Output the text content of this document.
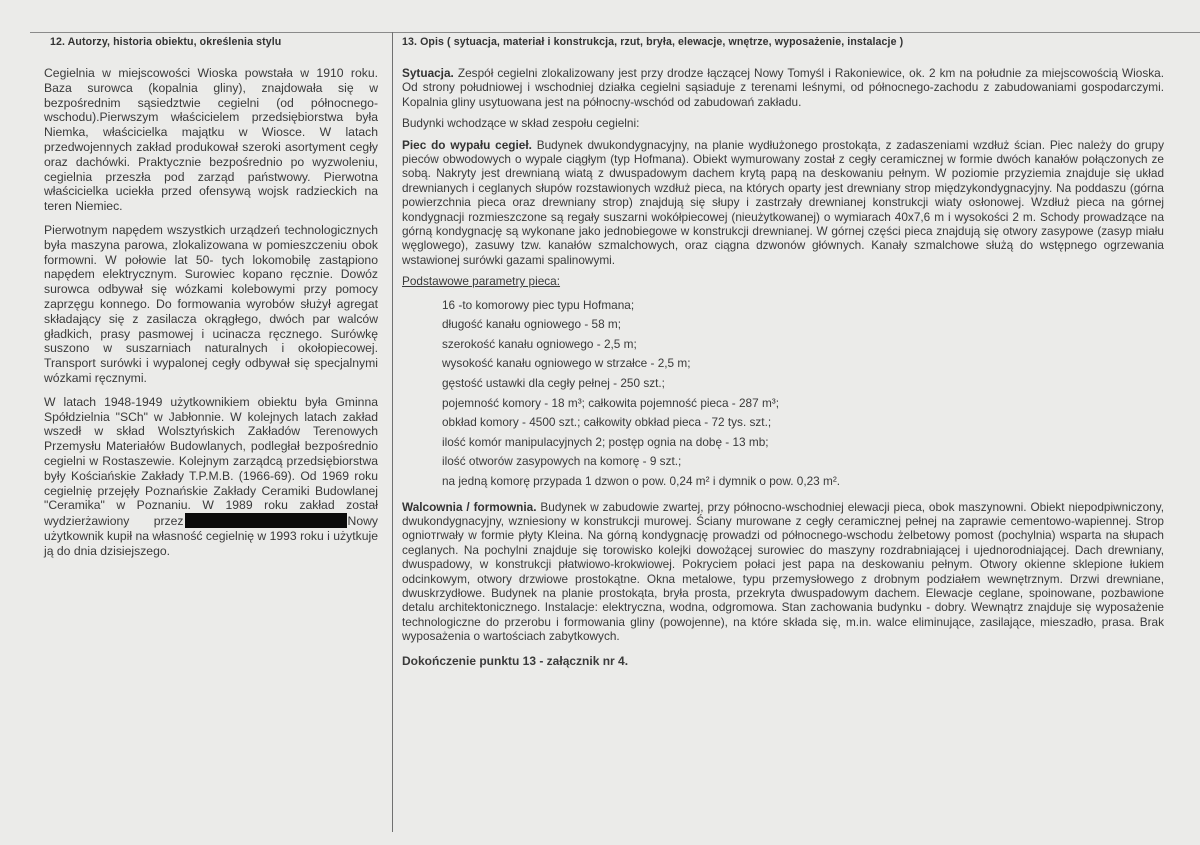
12. Autorzy, historia obiektu, określenia stylu

Cegielnia w miejscowości Wioska powstała w 1910 roku. Baza surowca (kopalnia gliny), znajdowała się w bezpośrednim sąsiedztwie cegielni (od północnego-wschodu).Pierwszym właścicielem przedsiębiorstwa była Niemka, właścicielka majątku w Wiosce. W latach przedwojennych zakład produkował szeroki asortyment cegły oraz dachówki. Praktycznie bezpośrednio po wyzwoleniu, cegielnia przeszła pod zarząd państwowy. Pierwotna właścicielka uciekła przed ofensywą wojsk radzieckich na teren Niemiec.

Pierwotnym napędem wszystkich urządzeń technologicznych była maszyna parowa, zlokalizowana w pomieszczeniu obok formowni. W połowie lat 50- tych lokomobilę zastąpiono napędem elektrycznym. Surowiec kopano ręcznie. Dowóz surowca odbywał się wózkami kolebowymi przy pomocy zaprzęgu konnego. Do formowania wyrobów służył agregat składający się z zasilacza okrągłego, dwóch par walców gładkich, prasy pasmowej i ucinacza ręcznego. Surówkę suszono w suszarniach naturalnych i okołopiecowej. Transport surówki i wypalonej cegły odbywał się specjalnymi wózkami ręcznymi.

W latach 1948-1949 użytkownikiem obiektu była Gminna Spółdzielnia "SCh" w Jabłonnie. W kolejnych latach zakład wszedł w skład Wolsztyńskich Zakładów Terenowych Przemysłu Materiałów Budowlanych, podległał bezpośrednio cegielni w Rostaszewie. Kolejnym zarządcą przedsiębiorstwa były Kościańskie Zakłady T.P.M.B. (1966-69). Od 1969 roku cegielnię przejęły Poznańskie Zakłady Ceramiki Budowlanej "Ceramika" w Poznaniu. W 1989 roku zakład został wydzierżawiony przez	Nowy użytkownik kupił na własność cegielnię w 1993 roku i użytkuje ją do dnia dzisiejszego.

13. Opis ( sytuacja, materiał i konstrukcja, rzut, bryła, elewacje, wnętrze, wyposażenie, instalacje )

Sytuacja. Zespół cegielni zlokalizowany jest przy drodze łączącej Nowy Tomyśl i Rakoniewice, ok. 2 km na południe za miejscowością Wioska. Od strony południowej i wschodniej działka cegielni sąsiaduje z terenami leśnymi, od północnego-zachodu z zabudowaniami gospodarczymi. Kopalnia gliny usytuowana jest na północny-wschód od zabudowań zakładu.

Budynki wchodzące w skład zespołu cegielni:

Piec do wypału cegieł. Budynek dwukondygnacyjny, na planie wydłużonego prostokąta, z zadaszeniami wzdłuż ścian. Piec należy do grupy pieców obwodowych o wypale ciągłym (typ Hofmana). Obiekt wymurowany został z cegły ceramicznej w formie dwóch kanałów połączonych ze sobą. Nakryty jest drewnianą wiatą z dwuspadowym dachem krytą papą na deskowaniu pełnym. W poziomie przyziemia znajduje się układ drewnianych i ceglanych słupów rozstawionych wzdłuż pieca, na których oparty jest drewniany strop międzykondygnacyjny. Na poddaszu (górna powierzchnia pieca oraz drewniany strop) znajdują się słupy i zastrzały drewnianej konstrukcji wiaty osłonowej. Wzdłuż pieca na górnej kondygnacji rozmieszczone są regały suszarni wokółpiecowej (nieużytkowanej) o wymiarach 40x7,6 m i wysokości 2 m. Schody prowadzące na górną kondygnację są wykonane jako jednobiegowe w konstrukcji drewnianej. W górnej części pieca znajdują się otwory zasypowe (zasyp miału węglowego), zasuwy tzw. kanałów szmalchowych, oraz ciągna dzwonów głównych. Kanały szmalchowe służą do wstępnego ogrzewania wstawionej surówki gazami spalinowymi.

Podstawowe parametry pieca:

16 -to komorowy piec typu Hofmana;
długość kanału ogniowego - 58 m;
szerokość kanału ogniowego - 2,5 m;
wysokość kanału ogniowego w strzałce - 2,5 m;
gęstość ustawki dla cegły pełnej - 250 szt.;
pojemność komory - 18 m³; całkowita pojemność pieca - 287 m³;
obkład komory - 4500 szt.; całkowity obkład pieca - 72 tys. szt.;
ilość komór manipulacyjnych 2; postęp ognia na dobę - 13 mb;
ilość otworów zasypowych na komorę - 9 szt.;
na jedną komorę przypada 1 dzwon o pow. 0,24 m² i dymnik o pow. 0,23 m².

Walcownia / formownia. Budynek w zabudowie zwartej, przy północno-wschodniej elewacji pieca, obok maszynowni. Obiekt niepodpiwniczony, dwukondygnacyjny, wzniesiony w konstrukcji murowej. Ściany murowane z cegły ceramicznej pełnej na zaprawie cementowo-wapiennej. Strop ognioтrwały w formie płyty Kleina. Na górną kondygnację prowadzi od północnego-wschodu żelbetowy pomost (pochylnia) wsparta na słupach ceglanych. Na pochylni znajduje się torowisko kolejki dowożącej surowiec do maszyny rozdrabniającej i ujednorodniającej. Dach drewniany, dwuspadowy, w konstrukcji płatwiowo-krokwiowej. Pokryciem połaci jest papa na deskowaniu pełnym. Otwory okienne sklepione łukiem odcinkowym, otwory drzwiowe prostokątne. Okna metalowe, typu przemysłowego z drobnym podziałem wewnętrznym. Drzwi drewniane, dwuskrzydłowe. Budynek na planie prostokąta, bryła prosta, przekryta dwuspadowym dachem. Elewacje ceglane, spoinowane, pozbawione detalu architektonicznego. Instalacje: elektryczna, wodna, odgromowa. Stan zachowania budynku - dobry. Wewnątrz znajduje się wyposażenie technologiczne do przerobu i formowania gliny (powojenne), na które składa się, m.in. walce eliminujące, zasilające, mieszadło, prasa. Brak wyposażenia o wartościach zabytkowych.

Dokończenie punktu 13 - załącznik nr 4.
